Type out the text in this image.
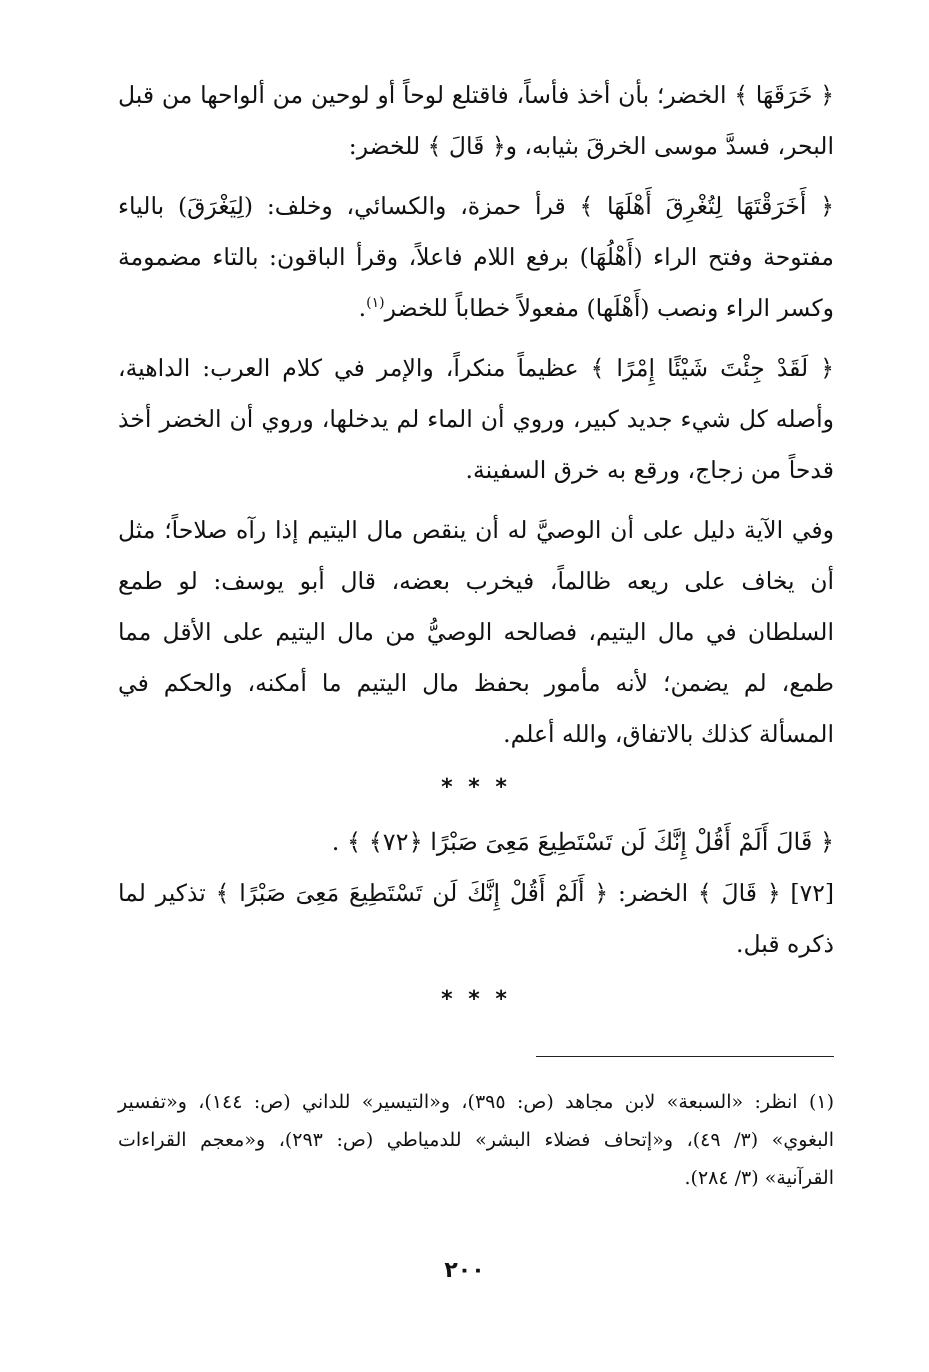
﴿ خَرَقَهَا ﴾ الخضر؛ بأن أخذ فأساً، فاقتلع لوحاً أو لوحين من ألواحها من قبل البحر، فسدَّ موسى الخرقَ بثيابه، و﴿ قَالَ ﴾ للخضر:

﴿ أَخَرَقْتَهَا لِتُغْرِقَ أَهْلَهَا ﴾ قرأ حمزة، والكسائي، وخلف: (لِيَغْرَقَ) بالياء مفتوحة وفتح الراء (أَهْلُهَا) برفع اللام فاعلاً، وقرأ الباقون: بالتاء مضمومة وكسر الراء ونصب (أَهْلَها) مفعولاً خطاباً للخضر$^{(١)}$.

﴿ لَقَدْ جِئْتَ شَيْئًا إِمْرًا ﴾ عظيماً منكراً، والإمر في كلام العرب: الداهية، وأصله كل شيء جديد كبير، وروي أن الماء لم يدخلها، وروي أن الخضر أخذ قدحاً من زجاج، ورقع به خرق السفينة.

وفي الآية دليل على أن الوصيَّ له أن ينقص مال اليتيم إذا رآه صلاحاً؛ مثل أن يخاف على ريعه ظالماً، فيخرب بعضه، قال أبو يوسف: لو طمع السلطان في مال اليتيم، فصالحه الوصيُّ من مال اليتيم على الأقل مما طمع، لم يضمن؛ لأنه مأمور بحفظ مال اليتيم ما أمكنه، والحكم في المسألة كذلك بالاتفاق، والله أعلم.

* * *

﴿ قَالَ أَلَمْ أَقُلْ إِنَّكَ لَن تَسْتَطِيعَ مَعِىَ صَبْرًا ﴿٧٢﴾ ﴾ .

[٧٢] ﴿ قَالَ ﴾ الخضر: ﴿ أَلَمْ أَقُلْ إِنَّكَ لَن تَسْتَطِيعَ مَعِىَ صَبْرًا ﴾ تذكير لما ذكره قبل.

* * *

(١) انظر: «السبعة» لابن مجاهد (ص: ٣٩٥)، و«التيسير» للداني (ص: ١٤٤)، و«تفسير البغوي» (٣/ ٤٩)، و«إتحاف فضلاء البشر» للدمياطي (ص: ٢٩٣)، و«معجم القراءات القرآنية» (٣/ ٢٨٤).

٢٠٠
